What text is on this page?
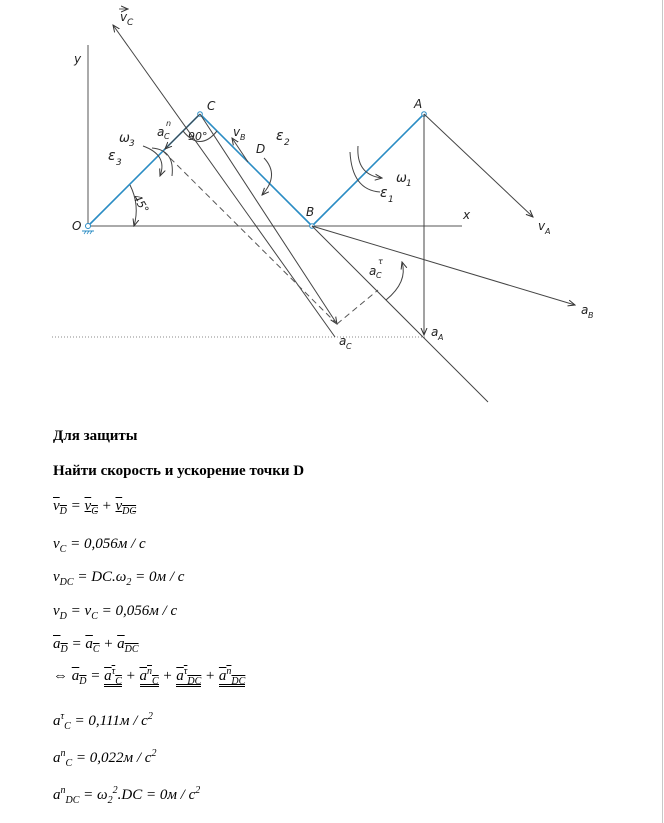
v C
y
C	A
a C
n
ω 3
ε 3
90° v B
D
ε 2
ω 1
ε 1
O
45°	B	x
v A
a C
τ
a B
a A
a C
Для защиты
Найти скорость и ускорение точки D
$v_D = v_C + v_{DC}$
$v_C = 0,056м / с$
$v_{DC} = DC.\omega_2 = 0м / с$
$v_D = v_C = 0,056м / с$
$a_D = a_C + a_{DC}$
⇔ $a_D = a^\tau_C + a^n_C + a^\tau_{DC} + a^n_{DC}$
$a^\tau_C = 0,111м / с^2$
$a^n_C = 0,022м / с^2$
$a^n_{DC} = \omega_2^2.DC = 0м / с^2$
